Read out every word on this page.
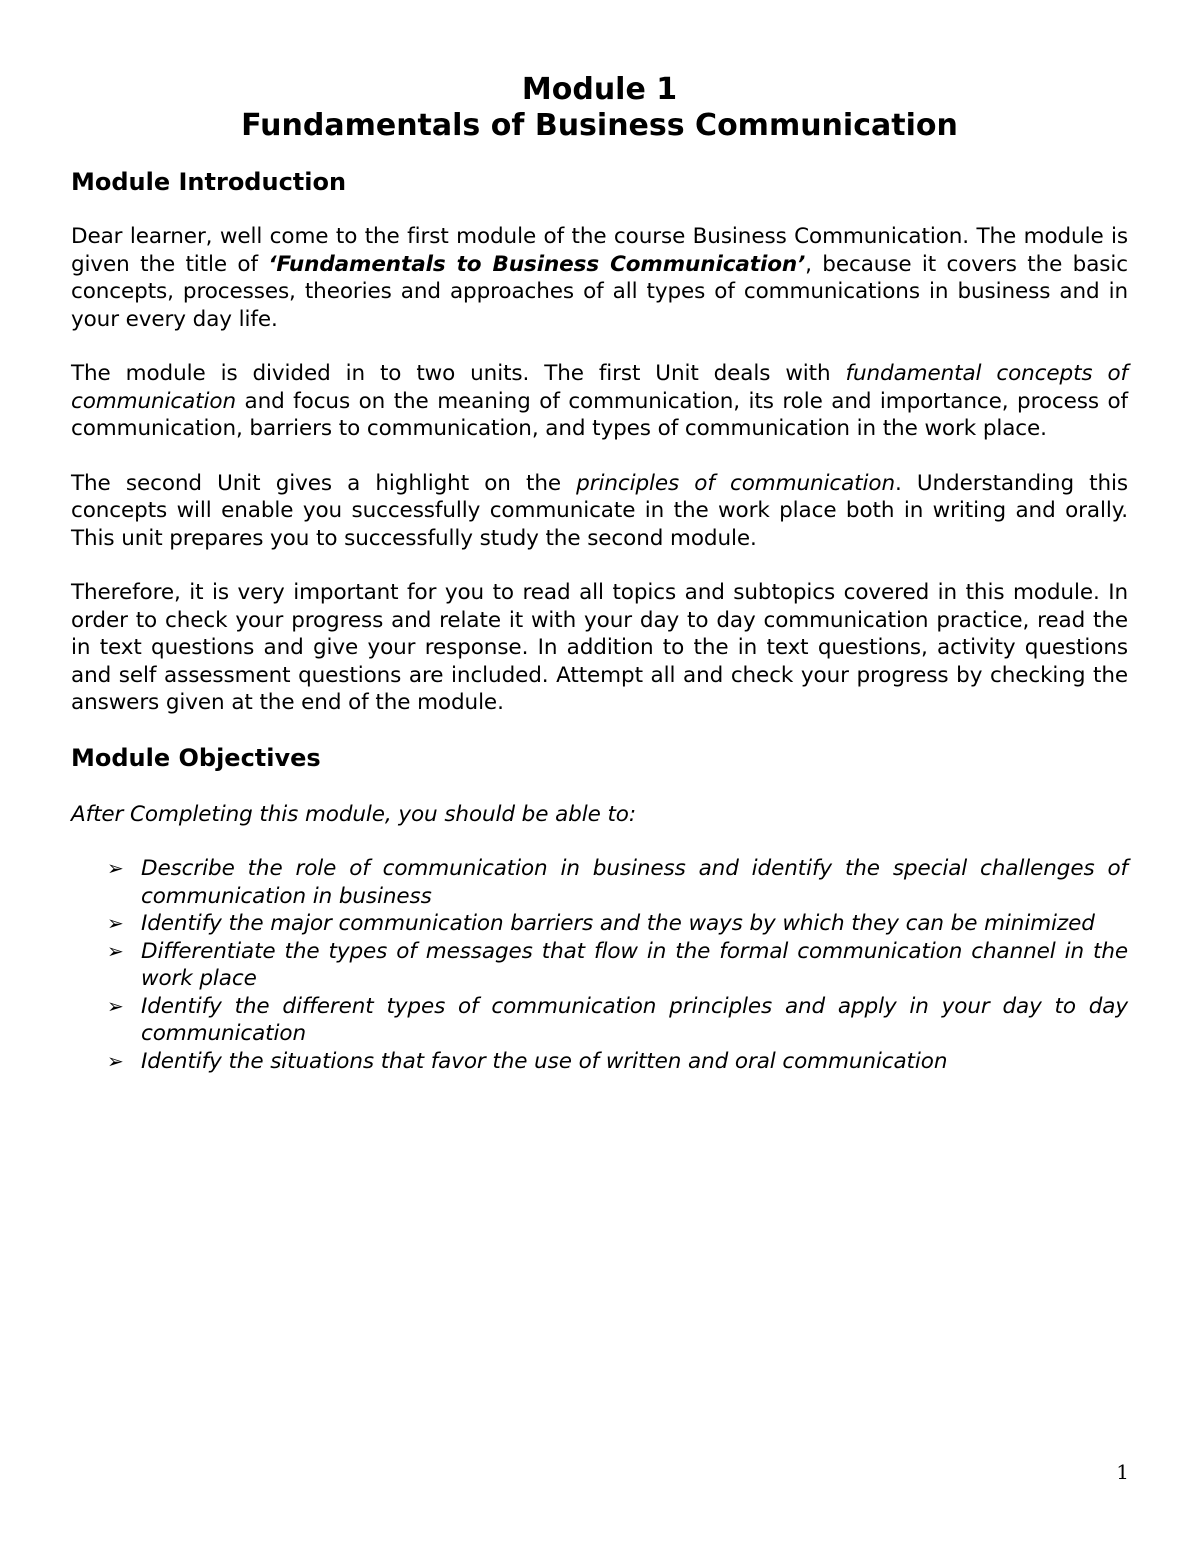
Module 1
Fundamentals of Business Communication
Module Introduction

Dear learner, well come to the first module of the course Business Communication. The module is given the title of ‘Fundamentals to Business Communication’, because it covers the basic concepts, processes, theories and approaches of all types of communications in business and in your every day life.

The module is divided in to two units. The first Unit deals with fundamental concepts of communication and focus on the meaning of communication, its role and importance, process of communication, barriers to communication, and types of communication in the work place.

The second Unit gives a highlight on the principles of communication. Understanding this concepts will enable you successfully communicate in the work place both in writing and orally. This unit prepares you to successfully study the second module.

Therefore, it is very important for you to read all topics and subtopics covered in this module. In order to check your progress and relate it with your day to day communication practice, read the in text questions and give your response. In addition to the in text questions, activity questions and self assessment questions are included. Attempt all and check your progress by checking the answers given at the end of the module.

Module Objectives

After Completing this module, you should be able to:

➢ Describe the role of communication in business and identify the special challenges of communication in business
➢ Identify the major communication barriers and the ways by which they can be minimized
➢ Differentiate the types of messages that flow in the formal communication channel in the work place
➢ Identify the different types of communication principles and apply in your day to day communication
➢ Identify the situations that favor the use of written and oral communication
1
